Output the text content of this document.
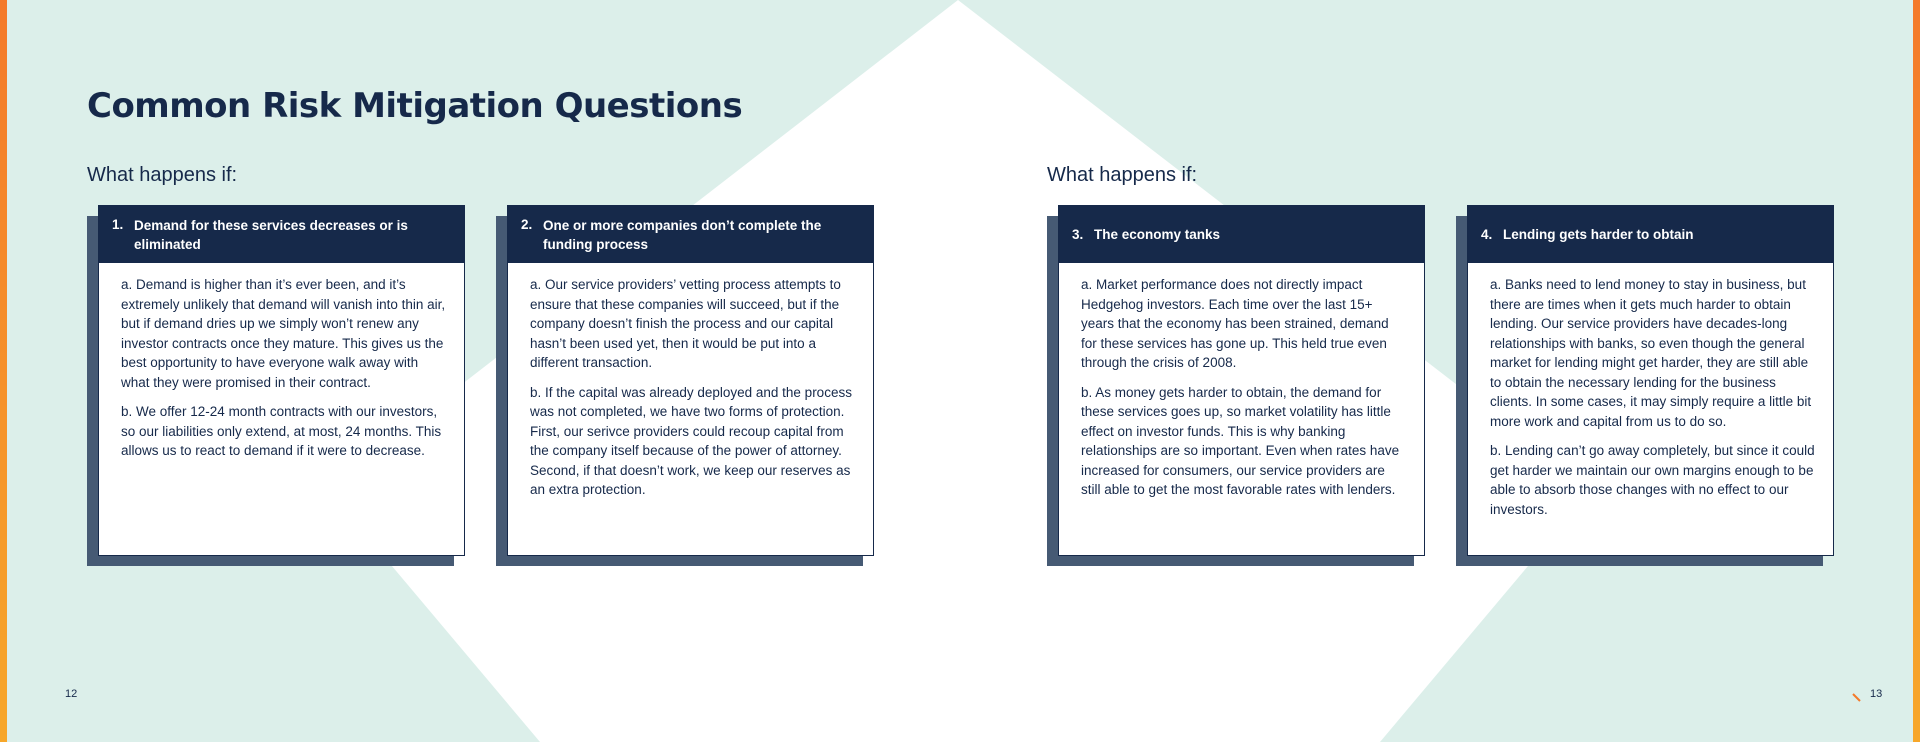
Common Risk Mitigation Questions
What happens if:
1. Demand for these services decreases or is eliminated

a. Demand is higher than it’s ever been, and it’s extremely unlikely that demand will vanish into thin air, but if demand dries up we simply won’t renew any investor contracts once they mature. This gives us the best opportunity to have everyone walk away with what they were promised in their contract.

b. We offer 12-24 month contracts with our investors, so our liabilities only extend, at most, 24 months. This allows us to react to demand if it were to decrease.

2. One or more companies don’t complete the funding process

a. Our service providers’ vetting process attempts to ensure that these companies will succeed, but if the company doesn’t finish the process and our capital hasn’t been used yet, then it would be put into a different transaction.

b. If the capital was already deployed and the process was not completed, we have two forms of protection. First, our serivce providers could recoup capital from the company itself because of the power of attorney. Second, if that doesn’t work, we keep our reserves as an extra protection.

What happens if:
3. The economy tanks

a. Market performance does not directly impact Hedgehog investors. Each time over the last 15+ years that the economy has been strained, demand for these services has gone up. This held true even through the crisis of 2008.

b. As money gets harder to obtain, the demand for these services goes up, so market volatility has little effect on investor funds. This is why banking relationships are so important. Even when rates have increased for consumers, our service providers are still able to get the most favorable rates with lenders.

4. Lending gets harder to obtain

a. Banks need to lend money to stay in business, but there are times when it gets much harder to obtain lending. Our service providers have decades-long relationships with banks, so even though the general market for lending might get harder, they are still able to obtain the necessary lending for the business clients. In some cases, it may simply require a little bit more work and capital from us to do so.

b. Lending can’t go away completely, but since it could get harder we maintain our own margins enough to be able to absorb those changes with no effect to our investors.

12	13
